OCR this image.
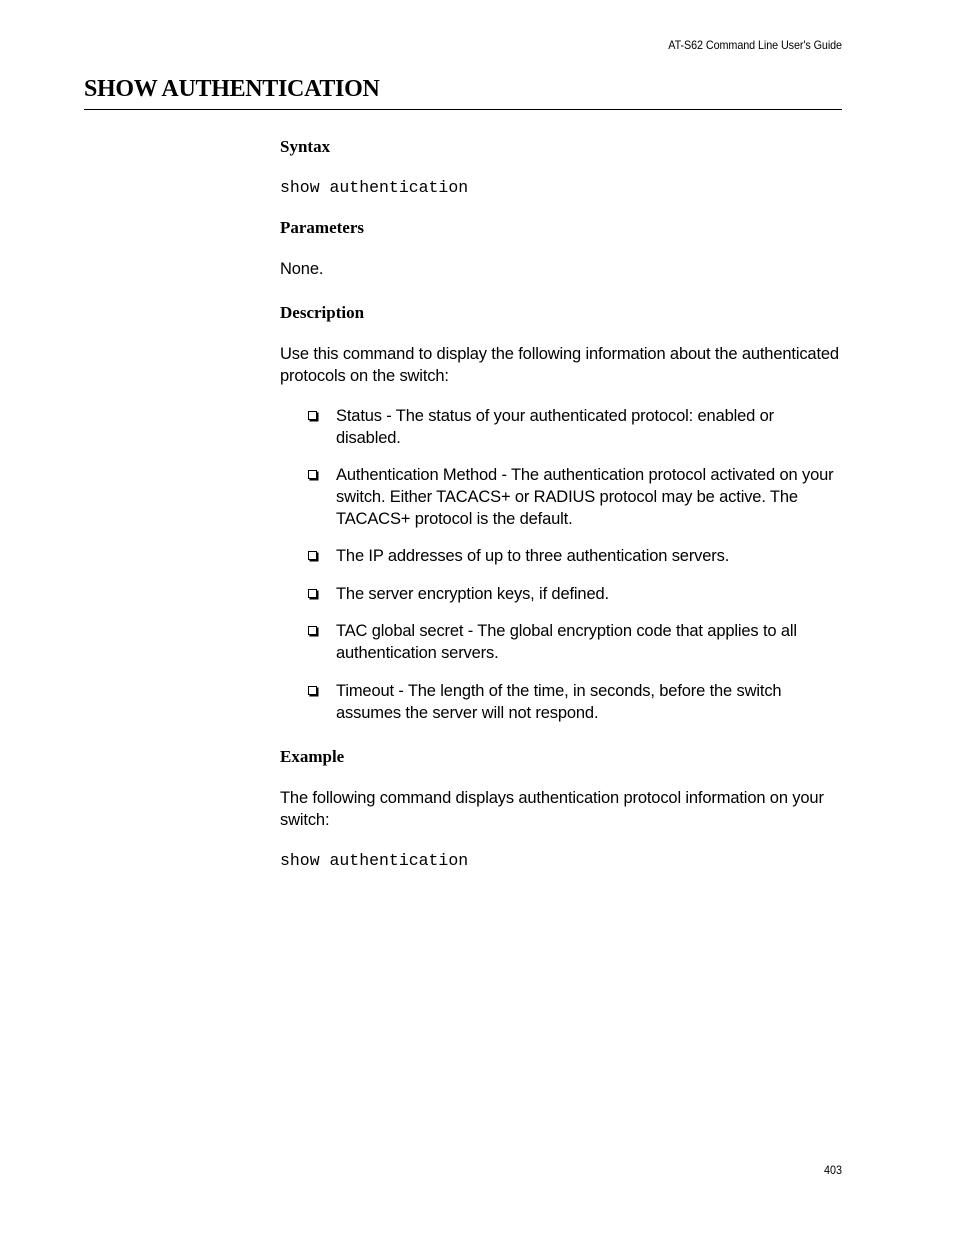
AT-S62 Command Line User's Guide
SHOW AUTHENTICATION
Syntax

show authentication

Parameters

None.

Description

Use this command to display the following information about the authenticated protocols on the switch:

Status - The status of your authenticated protocol: enabled or disabled.
Authentication Method - The authentication protocol activated on your switch. Either TACACS+ or RADIUS protocol may be active. The TACACS+ protocol is the default.
The IP addresses of up to three authentication servers.
The server encryption keys, if defined.
TAC global secret - The global encryption code that applies to all authentication servers.
Timeout - The length of the time, in seconds, before the switch assumes the server will not respond.
Example

The following command displays authentication protocol information on your switch:

show authentication

403
